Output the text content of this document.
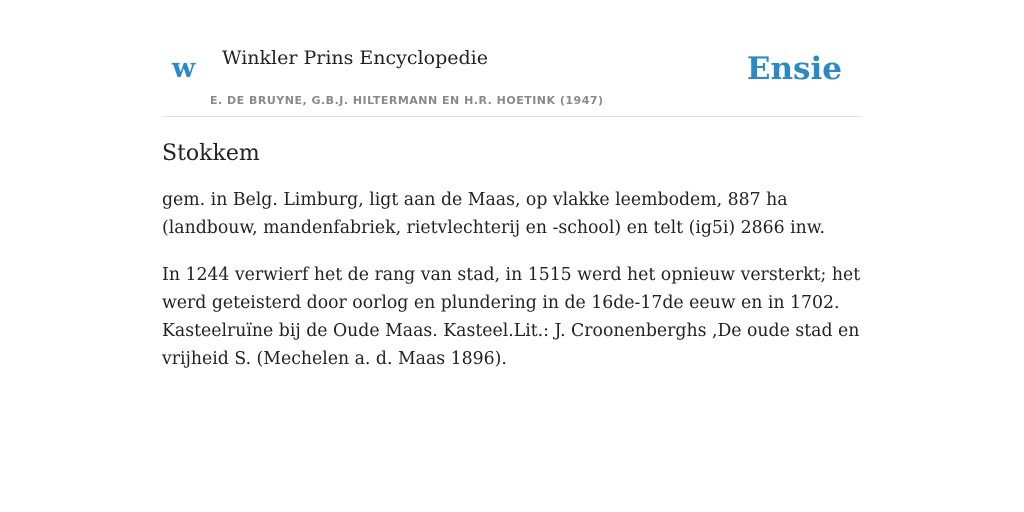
w Winkler Prins Encyclopedie
E. DE BRUYNE, G.B.J. HILTERMANN EN H.R. HOETINK (1947)
Ensie
Stokkem

gem. in Belg. Limburg, ligt aan de Maas, op vlakke leembodem, 887 ha (landbouw, mandenfabriek, rietvlechterij en -school) en telt (ig5i) 2866 inw.

In 1244 verwierf het de rang van stad, in 1515 werd het opnieuw versterkt; het werd geteisterd door oorlog en plundering in de 16de-17de eeuw en in 1702. Kasteelruïne bij de Oude Maas. Kasteel.Lit.: J. Croonenberghs ,De oude stad en vrijheid S. (Mechelen a. d. Maas 1896).
